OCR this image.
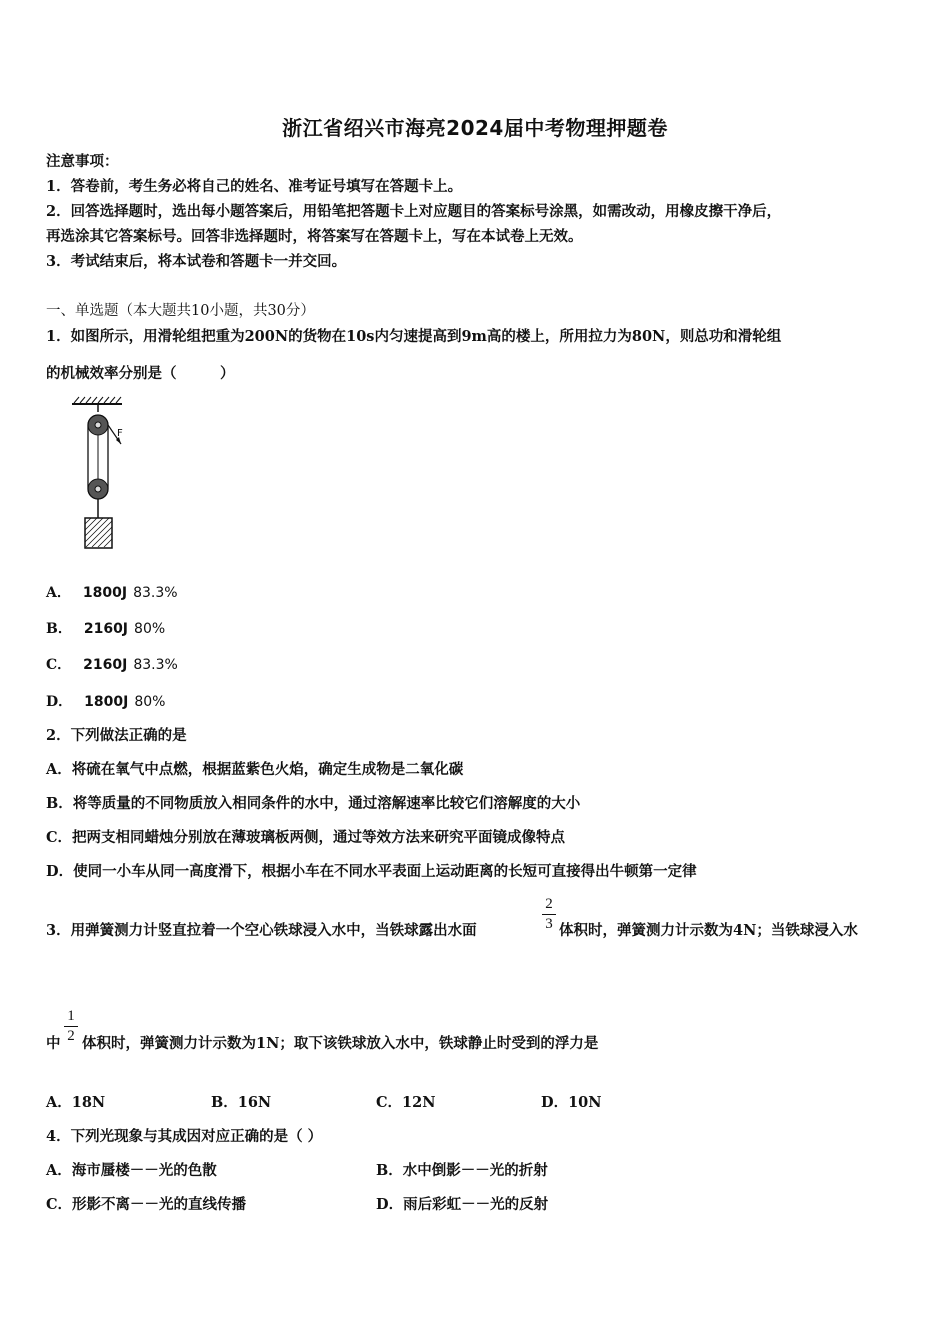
浙江省绍兴市海亮2024届中考物理押题卷
注意事项：
1．答卷前，考生务必将自己的姓名、准考证号填写在答题卡上。
2．回答选择题时，选出每小题答案后，用铅笔把答题卡上对应题目的答案标号涂黑，如需改动，用橡皮擦干净后，
再选涂其它答案标号。回答非选择题时，将答案写在答题卡上，写在本试卷上无效。
3．考试结束后，将本试卷和答题卡一并交回。
一、单选题（本大题共10小题，共30分）
1．如图所示，用滑轮组把重为200N的货物在10s内匀速提高到9m高的楼上，所用拉力为80N，则总功和滑轮组
的机械效率分别是（　　　）
F
A． 1800J 83.3%
B． 2160J 80%
C． 2160J 83.3%
D． 1800J 80%
2．下列做法正确的是
A．将硫在氧气中点燃，根据蓝紫色火焰，确定生成物是二氧化碳
B．将等质量的不同物质放入相同条件的水中，通过溶解速率比较它们溶解度的大小
C．把两支相同蜡烛分别放在薄玻璃板两侧，通过等效方法来研究平面镜成像特点
D．使同一小车从同一高度滑下，根据小车在不同水平表面上运动距离的长短可直接得出牛顿第一定律
3．用弹簧测力计竖直拉着一个空心铁球浸入水中，当铁球露出水面
2
3 体积时，弹簧测力计示数为4N；当铁球浸入水
中
1
2 体积时，弹簧测力计示数为1N；取下该铁球放入水中，铁球静止时受到的浮力是
A．18N	B．16N	C．12N	D．10N
4．下列光现象与其成因对应正确的是（ ）
A．海市蜃楼－－光的色散	B．水中倒影－－光的折射
C．形影不离－－光的直线传播	D．雨后彩虹－－光的反射
